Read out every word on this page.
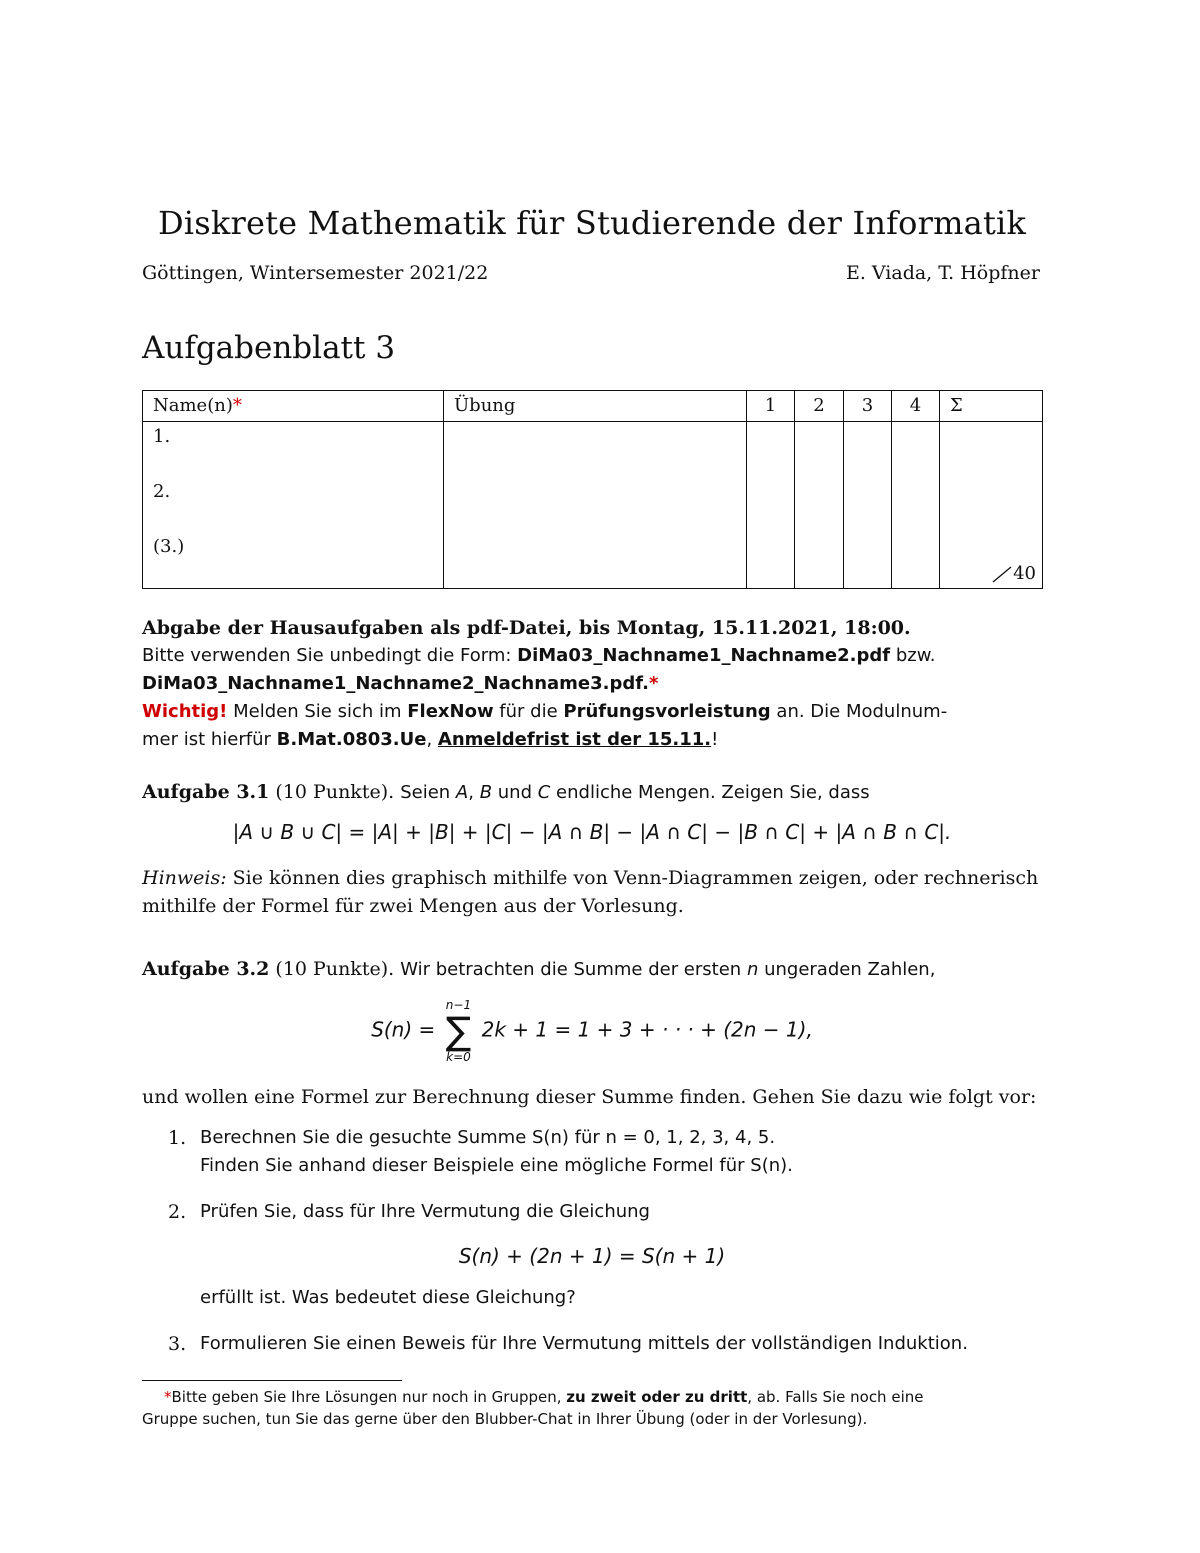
Diskrete Mathematik für Studierende der Informatik
Göttingen, Wintersemester 2021/22	E. Viada, T. Höpfner
Aufgabenblatt 3
Name(n)*	Übung	1	2	3	4	Σ

1.
2.
(3.)						40
Abgabe der Hausaufgaben als pdf-Datei, bis Montag, 15.11.2021, 18:00.
Bitte verwenden Sie unbedingt die Form: DiMa03_Nachname1_Nachname2.pdf bzw.
DiMa03_Nachname1_Nachname2_Nachname3.pdf.*
Wichtig! Melden Sie sich im FlexNow für die Prüfungsvorleistung an. Die Modulnum-
mer ist hierfür B.Mat.0803.Ue, Anmeldefrist ist der 15.11.!
Aufgabe 3.1 (10 Punkte). Seien A, B und C endliche Mengen. Zeigen Sie, dass
|A ∪ B ∪ C| = |A| + |B| + |C| − |A ∩ B| − |A ∩ C| − |B ∩ C| + |A ∩ B ∩ C|.
Hinweis: Sie können dies graphisch mithilfe von Venn-Diagrammen zeigen, oder rechnerisch
mithilfe der Formel für zwei Mengen aus der Vorlesung.
Aufgabe 3.2 (10 Punkte). Wir betrachten die Summe der ersten n ungeraden Zahlen,
S(n) =
n−1
∑
k=0
2k + 1 = 1 + 3 + · · · + (2n − 1),
und wollen eine Formel zur Berechnung dieser Summe finden. Gehen Sie dazu wie folgt vor:
1. Berechnen Sie die gesuchte Summe S(n) für n = 0, 1, 2, 3, 4, 5.
Finden Sie anhand dieser Beispiele eine mögliche Formel für S(n).
2. Prüfen Sie, dass für Ihre Vermutung die Gleichung
S(n) + (2n + 1) = S(n + 1)
erfüllt ist. Was bedeutet diese Gleichung?
3. Formulieren Sie einen Beweis für Ihre Vermutung mittels der vollständigen Induktion.
*Bitte geben Sie Ihre Lösungen nur noch in Gruppen, zu zweit oder zu dritt, ab. Falls Sie noch eine
Gruppe suchen, tun Sie das gerne über den Blubber-Chat in Ihrer Übung (oder in der Vorlesung).
